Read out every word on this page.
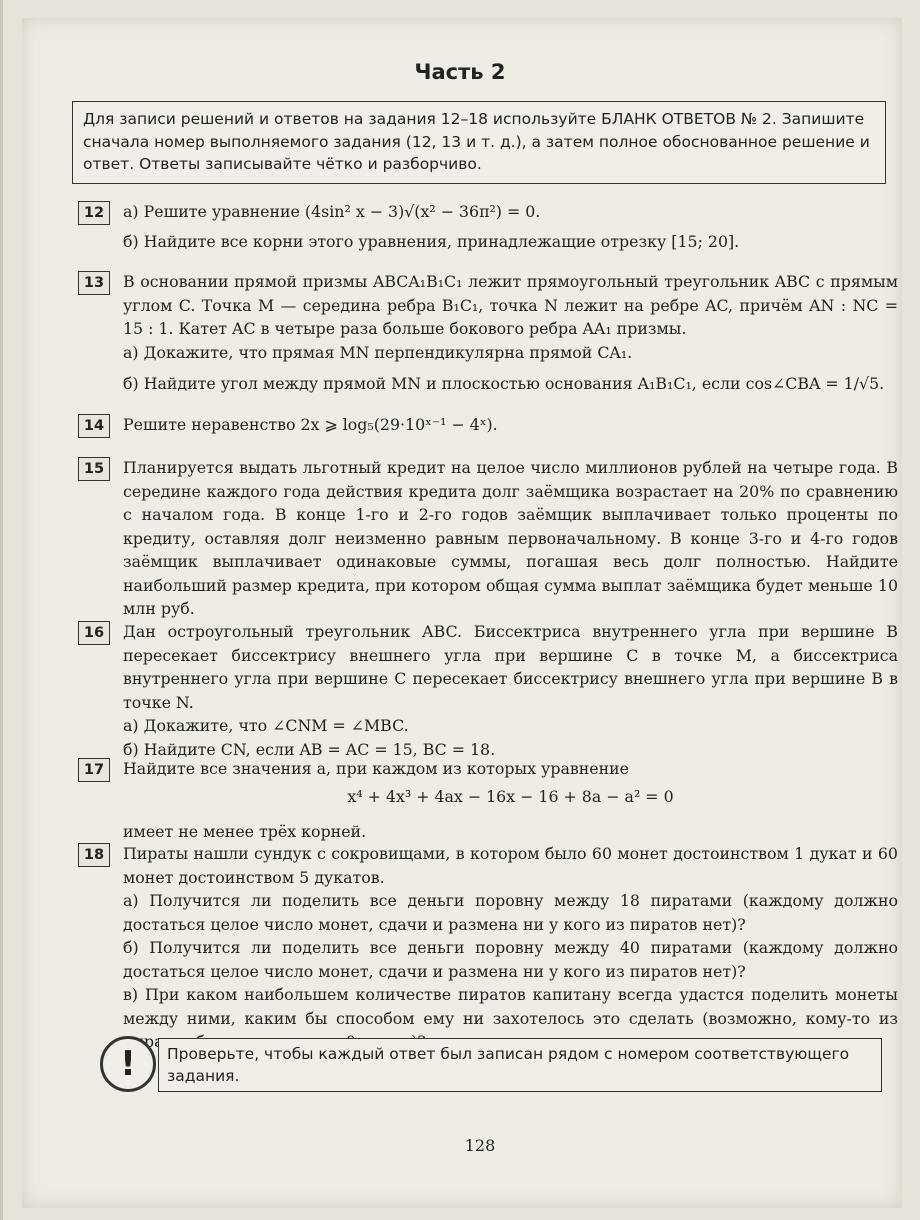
Часть 2
Для записи решений и ответов на задания 12–18 используйте БЛАНК ОТВЕТОВ № 2. Запишите сначала номер выполняемого задания (12, 13 и т. д.), а затем полное обоснованное решение и ответ. Ответы записывайте чётко и разборчиво.
12	а) Решите уравнение (4sin² x − 3)√(x² − 36π²) = 0.

б) Найдите все корни этого уравнения, принадлежащие отрезку [15; 20].

13	В основании прямой призмы ABCA₁B₁C₁ лежит прямоугольный треугольник ABC с прямым углом C. Точка M — середина ребра B₁C₁, точка N лежит на ребре AC, причём AN : NC = 15 : 1. Катет AC в четыре раза больше бокового ребра AA₁ призмы.

а) Докажите, что прямая MN перпендикулярна прямой CA₁.

б) Найдите угол между прямой MN и плоскостью основания A₁B₁C₁, если cos∠CBA = 1/√5.

14	Решите неравенство 2x ⩾ log₅(29·10ˣ⁻¹ − 4ˣ).

15	Планируется выдать льготный кредит на целое число миллионов рублей на четыре года. В середине каждого года действия кредита долг заёмщика возрастает на 20% по сравнению с началом года. В конце 1-го и 2-го годов заёмщик выплачивает только проценты по кредиту, оставляя долг неизменно равным первоначальному. В конце 3-го и 4-го годов заёмщик выплачивает одинаковые суммы, погашая весь долг полностью. Найдите наибольший размер кредита, при котором общая сумма выплат заёмщика будет меньше 10 млн руб.

16	Дан остроугольный треугольник ABC. Биссектриса внутреннего угла при вершине B пересекает биссектрису внешнего угла при вершине C в точке M, а биссектриса внутреннего угла при вершине C пересекает биссектрису внешнего угла при вершине B в точке N.

а) Докажите, что ∠CNM = ∠MBC.

б) Найдите CN, если AB = AC = 15, BC = 18.

17	Найдите все значения a, при каждом из которых уравнение

x⁴ + 4x³ + 4ax − 16x − 16 + 8a − a² = 0

имеет не менее трёх корней.

18	Пираты нашли сундук с сокровищами, в котором было 60 монет достоинством 1 дукат и 60 монет достоинством 5 дукатов.

а) Получится ли поделить все деньги поровну между 18 пиратами (каждому должно достаться целое число монет, сдачи и размена ни у кого из пиратов нет)?

б) Получится ли поделить все деньги поровну между 40 пиратами (каждому должно достаться целое число монет, сдачи и размена ни у кого из пиратов нет)?

в) При каком наибольшем количестве пиратов капитану всегда удастся поделить монеты между ними, каким бы способом ему ни захотелось это сделать (возможно, кому-то из пиратов

!	Проверьте, чтобы каждый ответ был записан рядом с номером соответствующего задания.
128
